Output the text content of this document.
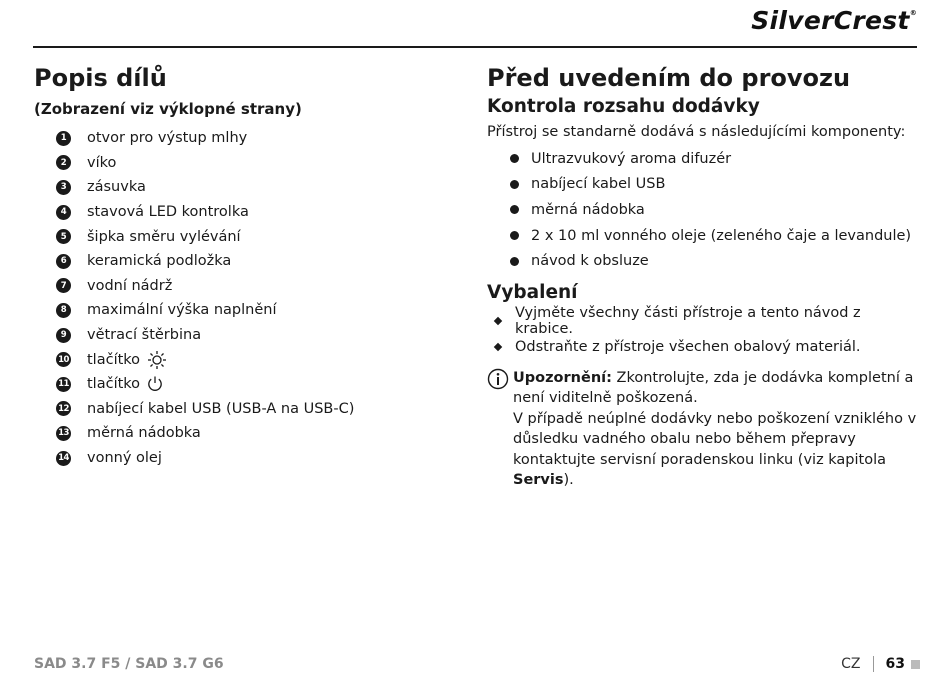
SilverCrest®
Popis dílů
(Zobrazení viz výklopné strany)
1	otvor pro výstup mlhy
2	víko
3	zásuvka
4	stavová LED kontrolka
5	šipka směru vylévání
6	keramická podložka
7	vodní nádrž
8	maximální výška naplnění
9	větrací štěrbina
10 tlačítko
11 tlačítko
12 nabíjecí kabel USB (USB-A na USB-C)
13 měrná nádobka
14 vonný olej
Před uvedením do provozu
Kontrola rozsahu dodávky
Přístroj se standarně dodává s následujícími komponenty:
Ultrazvukový aroma difuzér
nabíjecí kabel USB
měrná nádobka
2 x 10 ml vonného oleje (zeleného čaje a levandule)
návod k obsluze
Vybalení
Vyjměte všechny části přístroje a tento návod z krabice.
Odstraňte z přístroje všechen obalový materiál.
Upozornění: Zkontrolujte, zda je dodávka kompletní a není viditelně poškozená.
V případě neúplné dodávky nebo poškození vzniklého v důsledku vadného obalu nebo během přepravy kontaktujte servisní poradenskou linku (viz kapitola Servis).
SAD 3.7 F5 / SAD 3.7 G6	CZ 63
